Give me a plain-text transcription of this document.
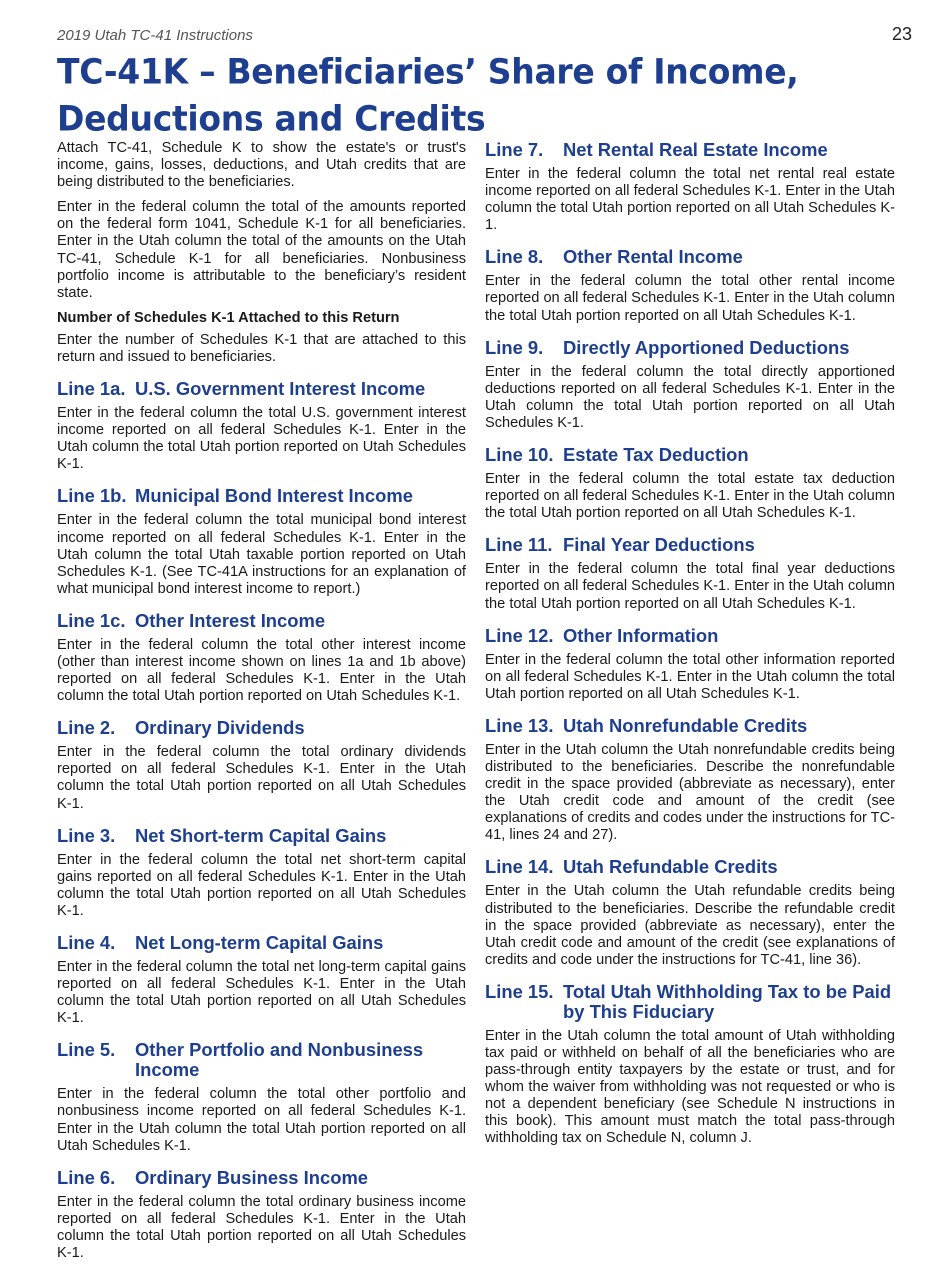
2019 Utah TC-41 Instructions	23
TC-41K – Beneficiaries’ Share of Income,
Deductions and Credits

Attach TC-41, Schedule K to show the estate's or trust's income, gains, losses, deductions, and Utah credits that are being distributed to the beneficiaries.

Enter in the federal column the total of the amounts reported on the federal form 1041, Schedule K-1 for all beneficiaries. Enter in the Utah column the total of the amounts on the Utah TC-41, Schedule K-1 for all beneficiaries. Nonbusiness portfolio income is attributable to the beneficiary’s resident state.

Number of Schedules K-1 Attached to this Return

Enter the number of Schedules K-1 that are attached to this return and issued to beneficiaries.

Line 1a. U.S. Government Interest Income

Enter in the federal column the total U.S. government interest income reported on all federal Schedules K-1. Enter in the Utah column the total Utah portion reported on Utah Schedules K-1.

Line 1b. Municipal Bond Interest Income

Enter in the federal column the total municipal bond interest income reported on all federal Schedules K-1. Enter in the Utah column the total Utah taxable portion reported on Utah Schedules K-1. (See TC-41A instructions for an explanation of what municipal bond interest income to report.)

Line 1c. Other Interest Income

Enter in the federal column the total other interest income (other than interest income shown on lines 1a and 1b above) reported on all federal Schedules K-1. Enter in the Utah column the total Utah portion reported on Utah Schedules K-1.

Line 2.	Ordinary Dividends

Enter in the federal column the total ordinary dividends reported on all federal Schedules K-1. Enter in the Utah column the total Utah portion reported on all Utah Schedules K-1.

Line 3.	Net Short-term Capital Gains

Enter in the federal column the total net short-term capital gains reported on all federal Schedules K-1. Enter in the Utah column the total Utah portion reported on all Utah Schedules K-1.

Line 4.	Net Long-term Capital Gains

Enter in the federal column the total net long-term capital gains reported on all federal Schedules K-1. Enter in the Utah column the total Utah portion reported on all Utah Schedules K-1.

Line 5.	Other Portfolio and Nonbusiness Income

Enter in the federal column the total other portfolio and nonbusiness income reported on all federal Schedules K-1. Enter in the Utah column the total Utah portion reported on all Utah Schedules K-1.

Line 6.	Ordinary Business Income

Enter in the federal column the total ordinary business income reported on all federal Schedules K-1. Enter in the Utah column the total Utah portion reported on all Utah Schedules K-1.

Line 7.	Net Rental Real Estate Income

Enter in the federal column the total net rental real estate income reported on all federal Schedules K-1. Enter in the Utah column the total Utah portion reported on all Utah Schedules K-1.

Line 8.	Other Rental Income

Enter in the federal column the total other rental income reported on all federal Schedules K-1. Enter in the Utah column the total Utah portion reported on all Utah Schedules K-1.

Line 9.	Directly Apportioned Deductions

Enter in the federal column the total directly apportioned deductions reported on all federal Schedules K-1. Enter in the Utah column the total Utah portion reported on all Utah Schedules K-1.

Line 10. Estate Tax Deduction

Enter in the federal column the total estate tax deduction reported on all federal Schedules K-1. Enter in the Utah column the total Utah portion reported on all Utah Schedules K-1.

Line 11. Final Year Deductions

Enter in the federal column the total final year deductions reported on all federal Schedules K-1. Enter in the Utah column the total Utah portion reported on all Utah Schedules K-1.

Line 12. Other Information

Enter in the federal column the total other information reported on all federal Schedules K-1. Enter in the Utah column the total Utah portion reported on all Utah Schedules K-1.

Line 13. Utah Nonrefundable Credits

Enter in the Utah column the Utah nonrefundable credits being distributed to the beneficiaries. Describe the nonrefundable credit in the space provided (abbreviate as necessary), enter the Utah credit code and amount of the credit (see explanations of credits and codes under the instructions for TC-41, lines 24 and 27).

Line 14. Utah Refundable Credits

Enter in the Utah column the Utah refundable credits being distributed to the beneficiaries. Describe the refundable credit in the space provided (abbreviate as necessary), enter the Utah credit code and amount of the credit (see explanations of credits and code under the instructions for TC-41, line 36).

Line 15. Total Utah Withholding Tax to be Paid by This Fiduciary

Enter in the Utah column the total amount of Utah withholding tax paid or withheld on behalf of all the beneficiaries who are pass-through entity taxpayers by the estate or trust, and for whom the waiver from withholding was not requested or who is not a dependent beneficiary (see Schedule N instructions in this book). This amount must match the total pass-through withholding tax on Schedule N, column J.
